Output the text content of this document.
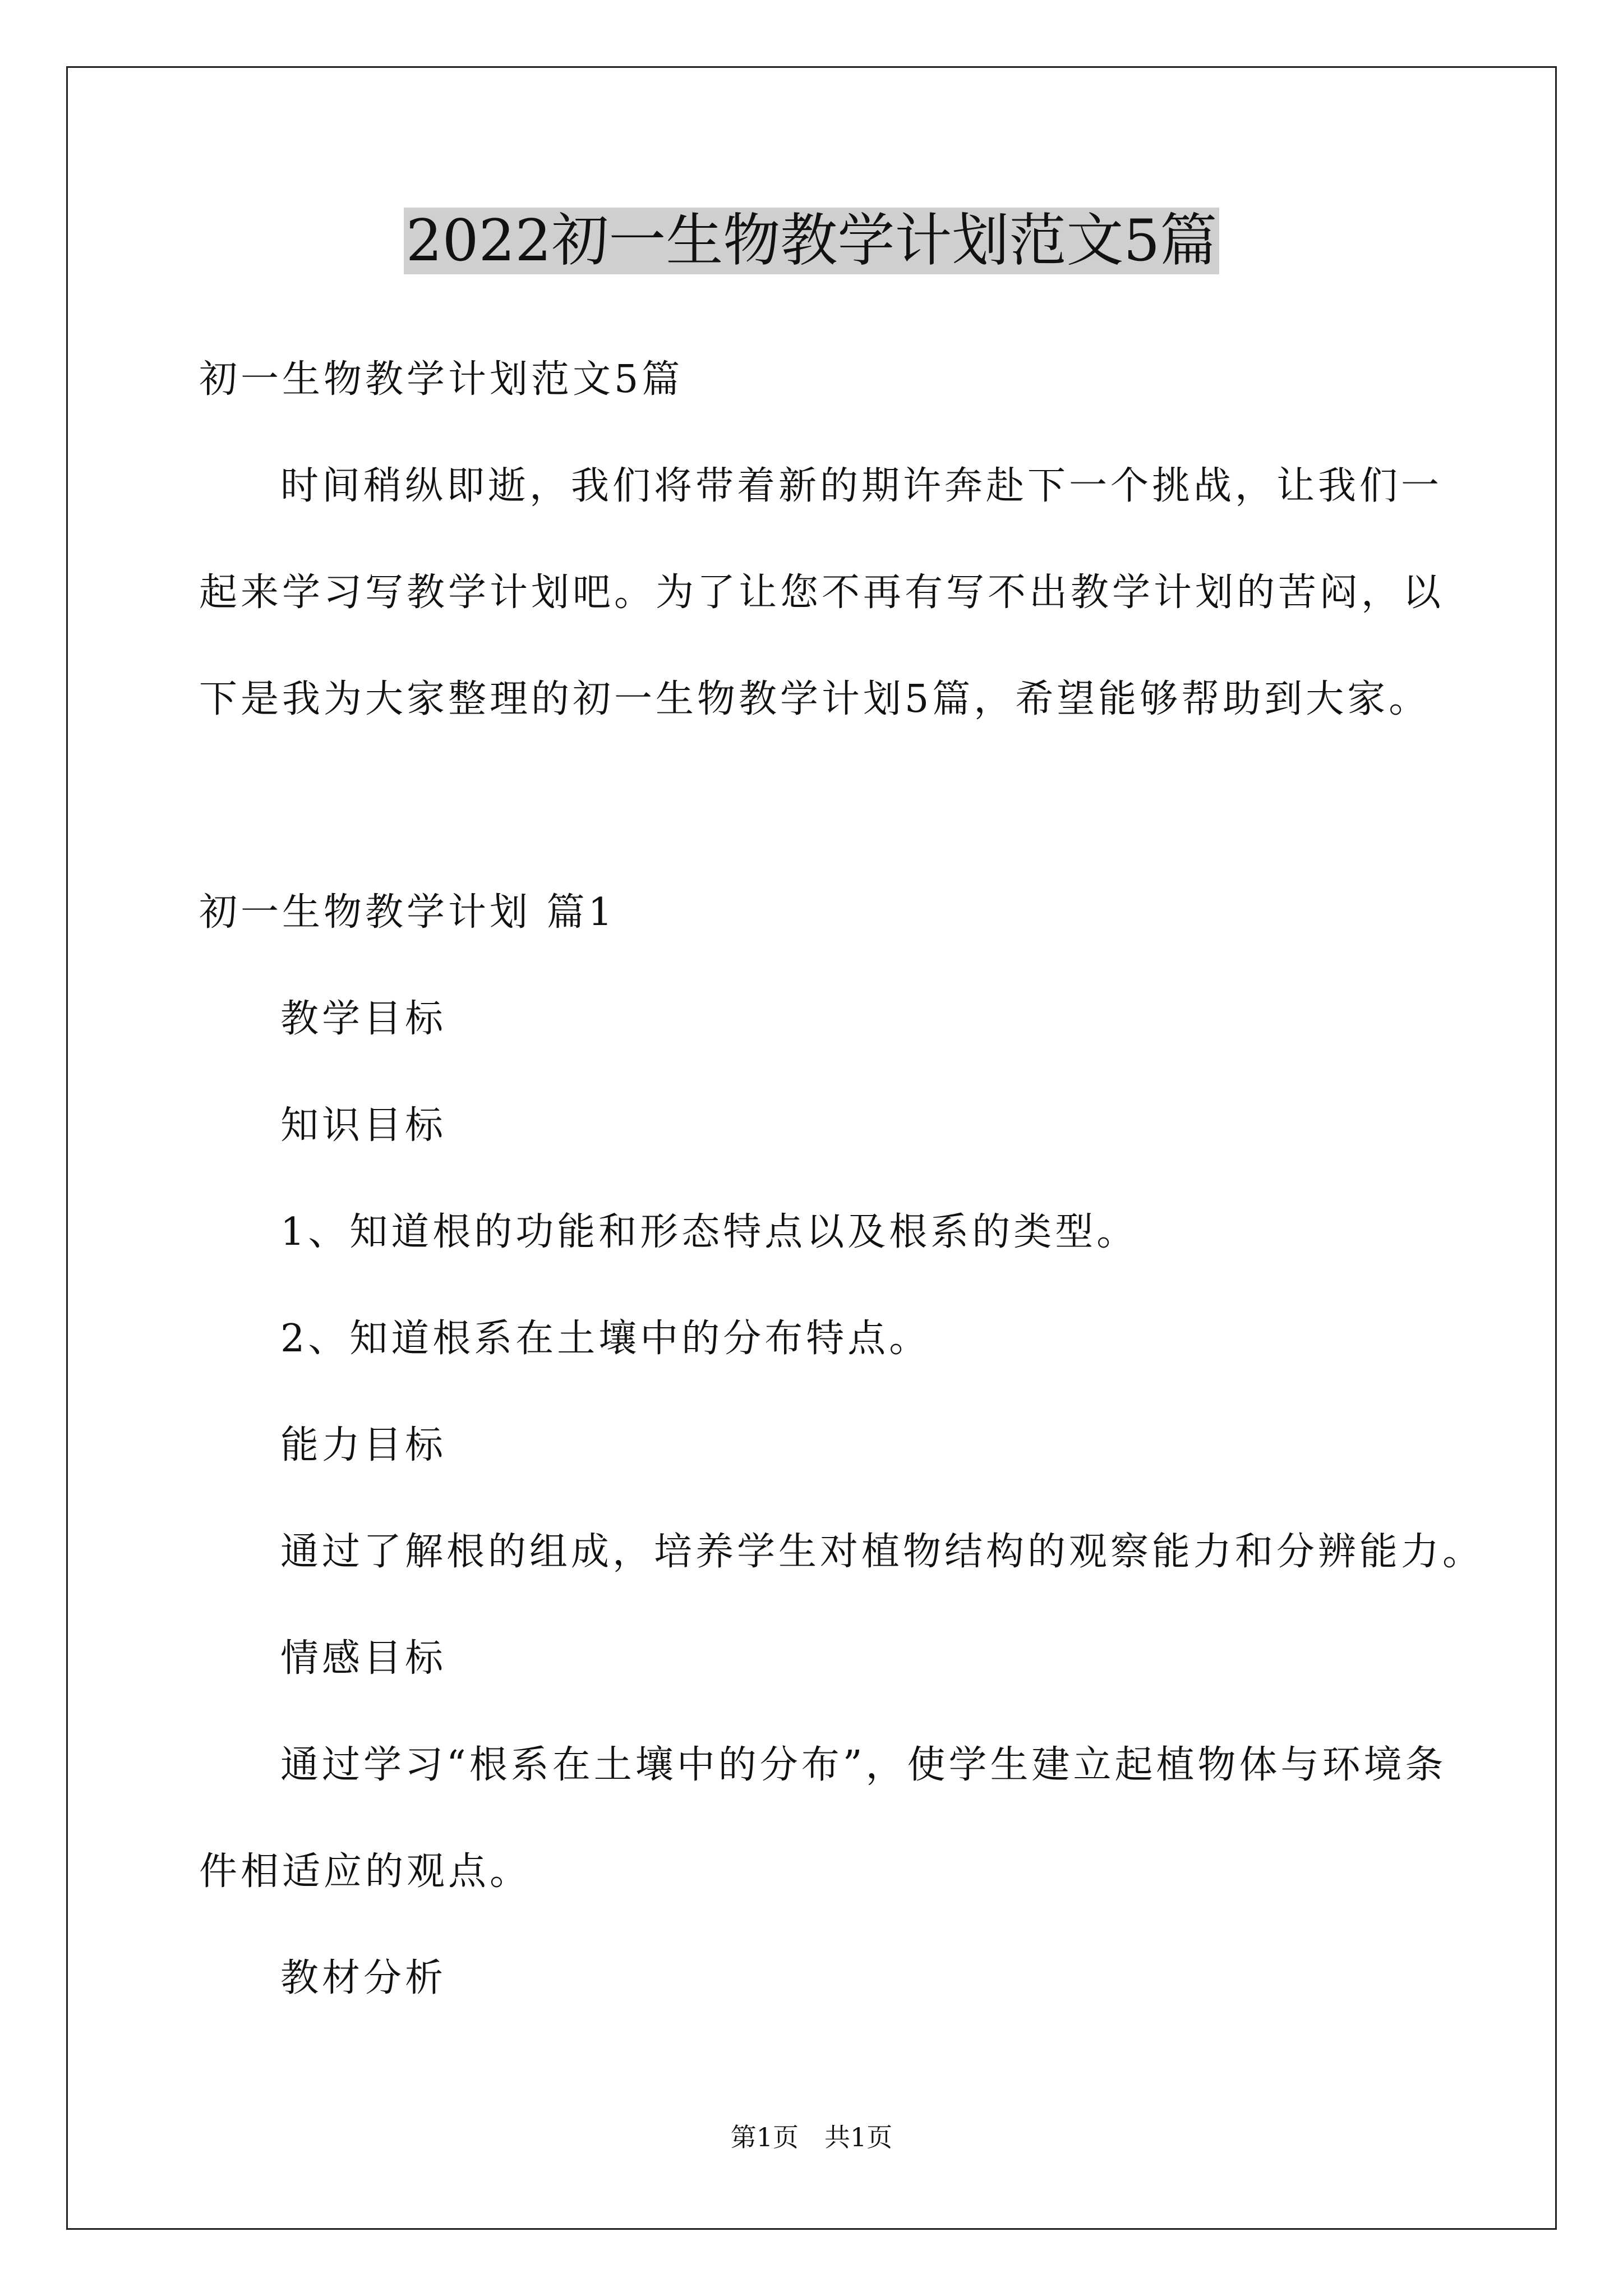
2022初一生物教学计划范文5篇
初一生物教学计划范文5篇
时间稍纵即逝，我们将带着新的期许奔赴下一个挑战，让我们一
起来学习写教学计划吧。为了让您不再有写不出教学计划的苦闷，以
下是我为大家整理的初一生物教学计划5篇，希望能够帮助到大家。
初一生物教学计划 篇1
教学目标
知识目标
1、知道根的功能和形态特点以及根系的类型。
2、知道根系在土壤中的分布特点。
能力目标
通过了解根的组成，培养学生对植物结构的观察能力和分辨能力。
情感目标
通过学习“根系在土壤中的分布”，使学生建立起植物体与环境条
件相适应的观点。
教材分析
第1页　共1页
